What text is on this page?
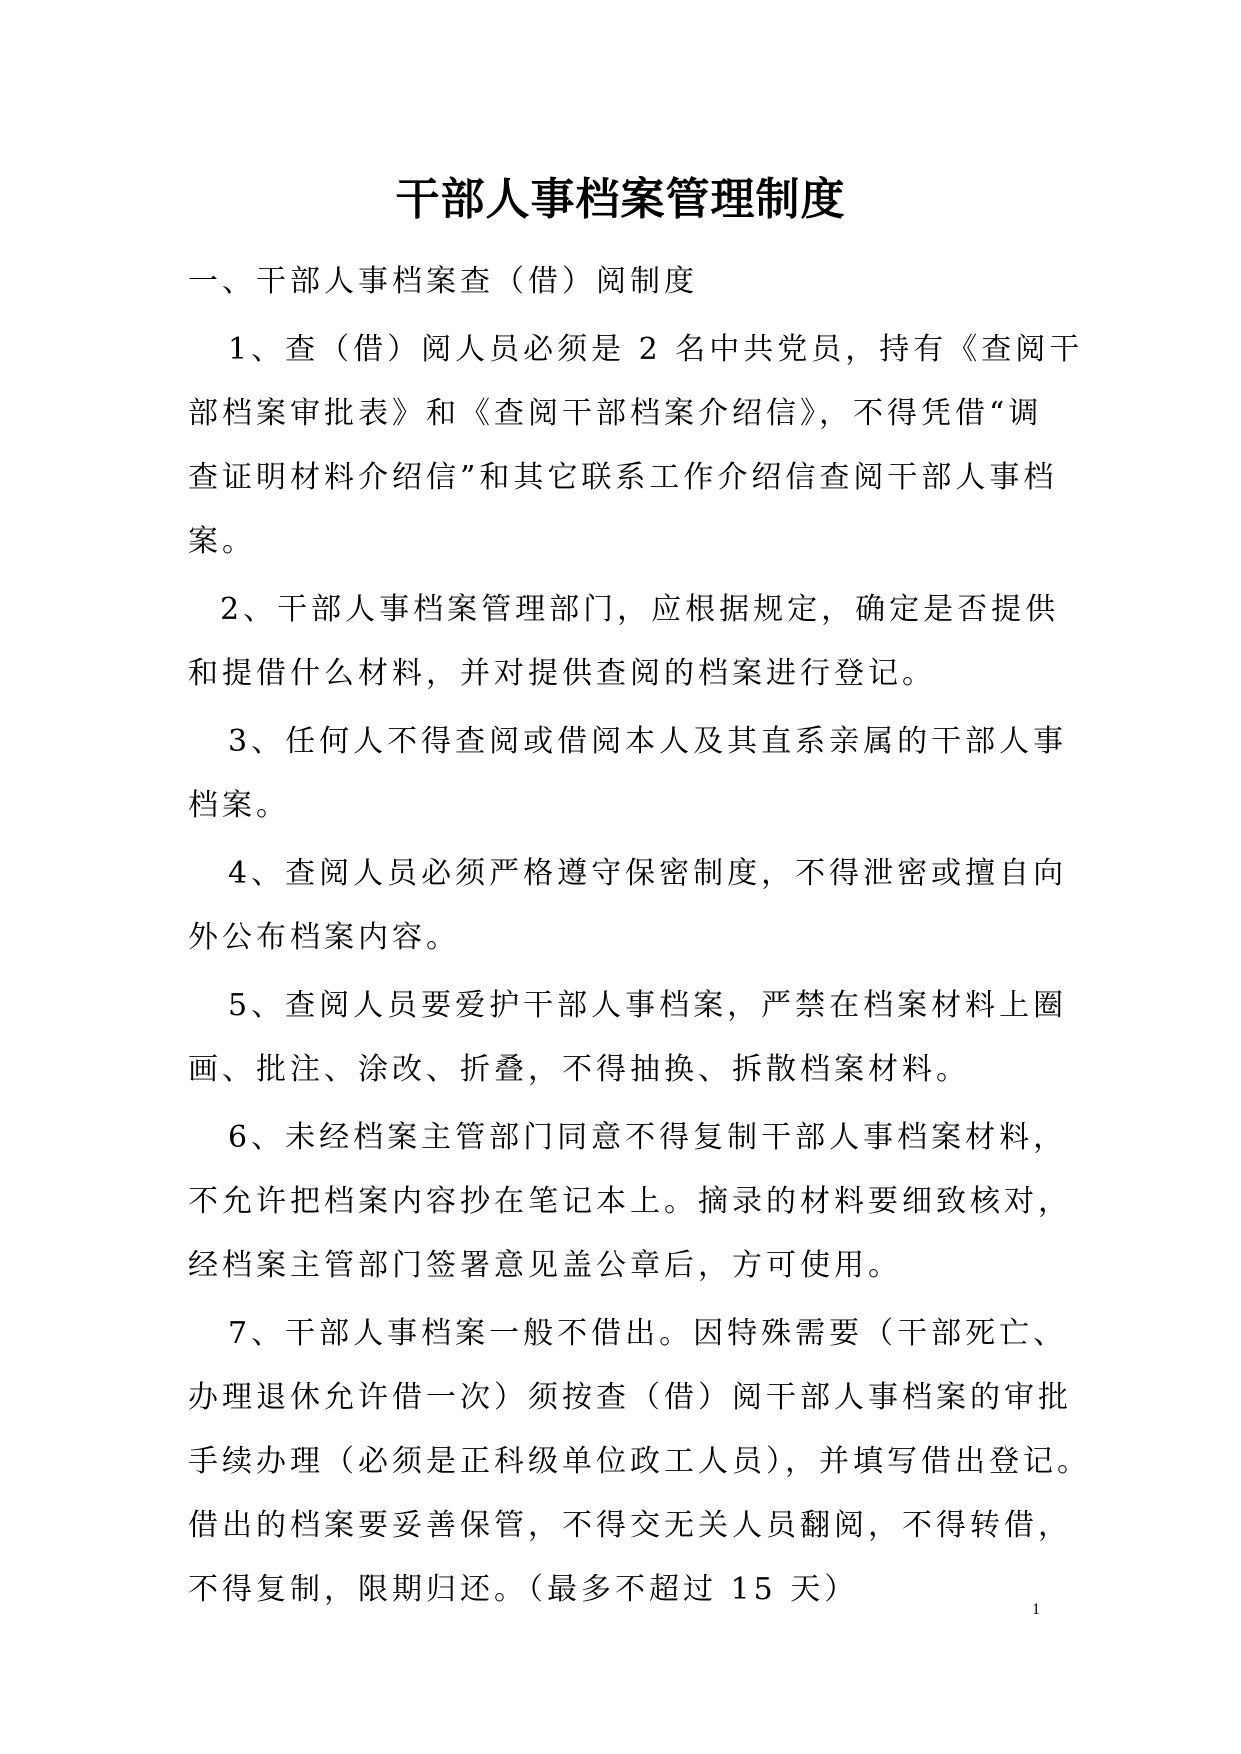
干部人事档案管理制度
一、干部人事档案查（借）阅制度
1、查（借）阅人员必须是 2 名中共党员，持有《查阅干
部档案审批表》和《查阅干部档案介绍信》，不得凭借“调
查证明材料介绍信”和其它联系工作介绍信查阅干部人事档
案。
2、干部人事档案管理部门，应根据规定，确定是否提供
和提借什么材料，并对提供查阅的档案进行登记。
3、任何人不得查阅或借阅本人及其直系亲属的干部人事
档案。
4、查阅人员必须严格遵守保密制度，不得泄密或擅自向
外公布档案内容。
5、查阅人员要爱护干部人事档案，严禁在档案材料上圈
画、批注、涂改、折叠，不得抽换、拆散档案材料。
6、未经档案主管部门同意不得复制干部人事档案材料，
不允许把档案内容抄在笔记本上。摘录的材料要细致核对，
经档案主管部门签署意见盖公章后，方可使用。
7、干部人事档案一般不借出。因特殊需要（干部死亡、
办理退休允许借一次）须按查（借）阅干部人事档案的审批
手续办理（必须是正科级单位政工人员），并填写借出登记。
借出的档案要妥善保管，不得交无关人员翻阅，不得转借，
不得复制，限期归还。（最多不超过 15 天）
1
